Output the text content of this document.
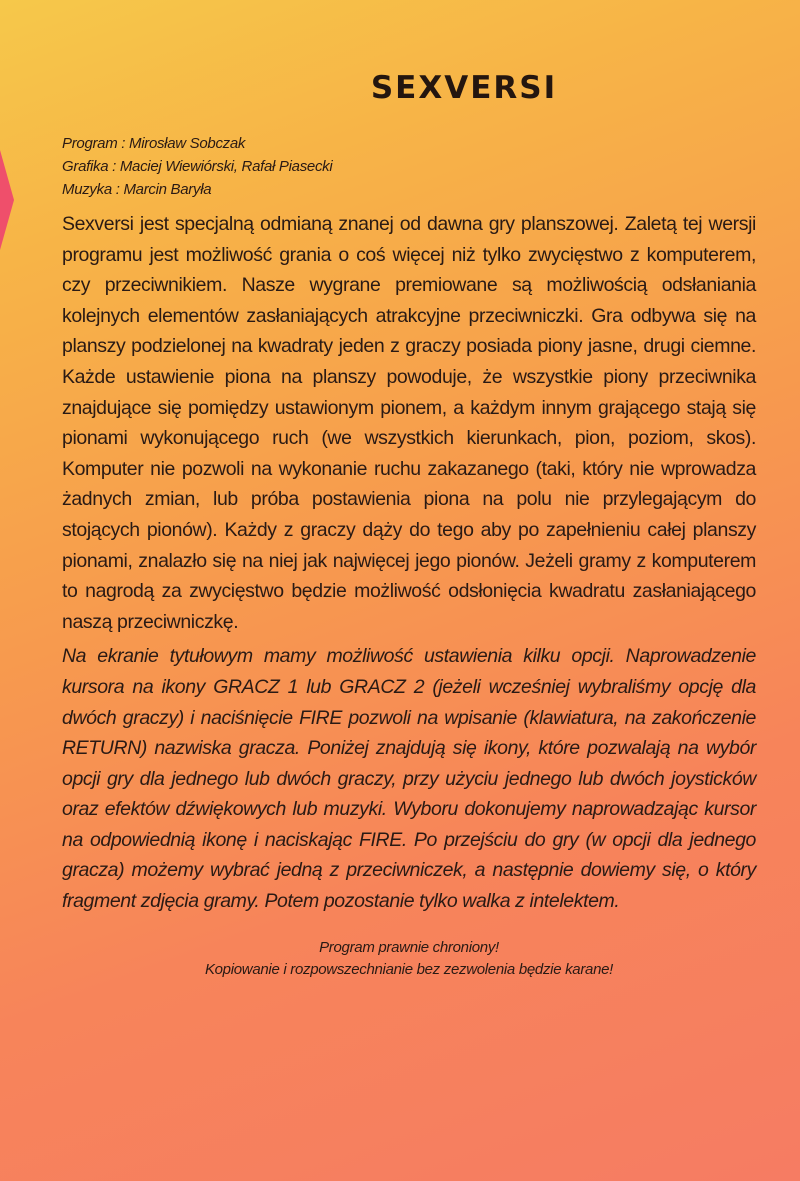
SEXVERSI
Program : Mirosław Sobczak
Grafika : Maciej Wiewiórski, Rafał Piasecki
Muzyka : Marcin Baryła

Sexversi jest specjalną odmianą znanej od dawna gry planszowej. Zaletą tej wersji programu jest możliwość grania o coś więcej niż tylko zwycięstwo z komputerem, czy przeciwnikiem. Nasze wygrane premiowane są możliwością odsłaniania kolejnych elementów zasłaniających atrakcyjne przeciwniczki. Gra odbywa się na planszy podzielonej na kwadraty jeden z graczy posiada piony jasne, drugi ciemne. Każde ustawienie piona na planszy powoduje, że wszystkie piony przeciwnika znajdujące się pomiędzy ustawionym pionem, a każdym innym grającego stają się pionami wykonującego ruch (we wszystkich kierunkach, pion, poziom, skos). Komputer nie pozwoli na wykonanie ruchu zakazanego (taki, który nie wprowadza żadnych zmian, lub próba postawienia piona na polu nie przylegającym do stojących pionów). Każdy z graczy dąży do tego aby po zapełnieniu całej planszy pionami, znalazło się na niej jak najwięcej jego pionów. Jeżeli gramy z komputerem to nagrodą za zwycięstwo będzie możliwość odsłonięcia kwadratu zasłaniającego naszą przeciwniczkę.

Na ekranie tytułowym mamy możliwość ustawienia kilku opcji. Naprowadzenie kursora na ikony GRACZ 1 lub GRACZ 2 (jeżeli wcześniej wybraliśmy opcję dla dwóch graczy) i naciśnięcie FIRE pozwoli na wpisanie (klawiatura, na zakończenie RETURN) nazwiska gracza. Poniżej znajdują się ikony, które pozwalają na wybór opcji gry dla jednego lub dwóch graczy, przy użyciu jednego lub dwóch joysticków oraz efektów dźwiękowych lub muzyki. Wyboru dokonujemy naprowadzając kursor na odpowiednią ikonę i naciskając FIRE. Po przejściu do gry (w opcji dla jednego gracza) możemy wybrać jedną z przeciwniczek, a następnie dowiemy się, o który fragment zdjęcia gramy. Potem pozostanie tylko walka z intelektem.

Program prawnie chroniony!
Kopiowanie i rozpowszechnianie bez zezwolenia będzie karane!
